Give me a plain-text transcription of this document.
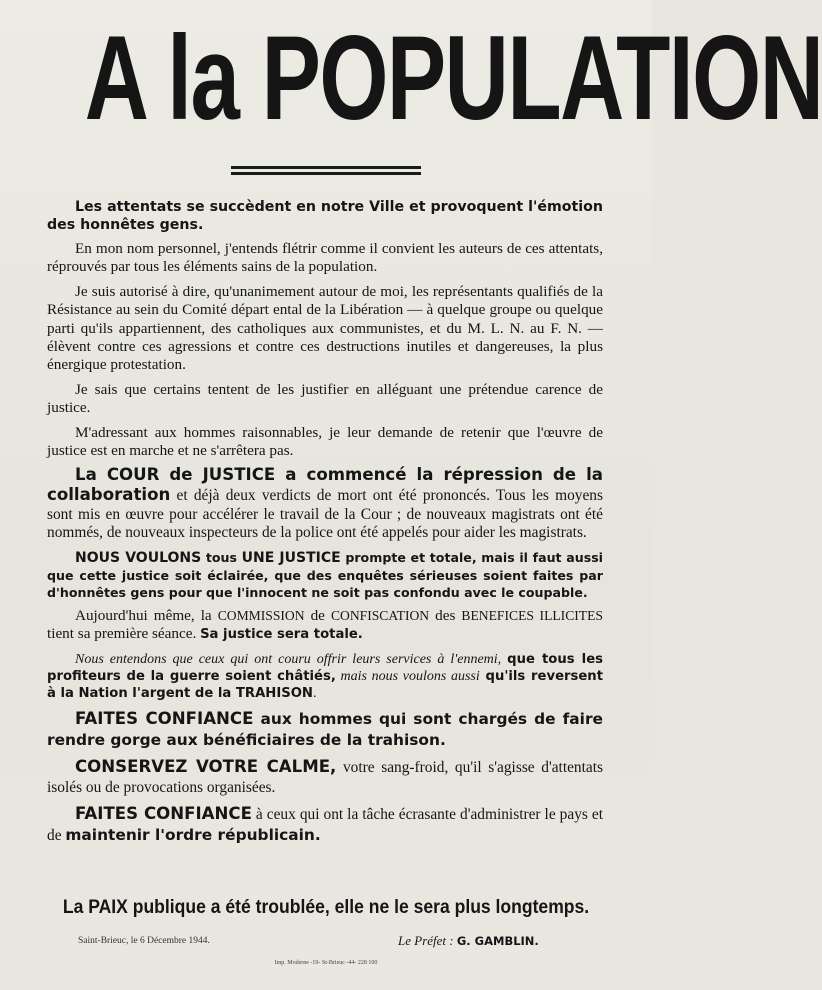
A la POPULATION

Les attentats se succèdent en notre Ville et provoquent l'émotion des honnêtes gens.

En mon nom personnel, j'entends flétrir comme il convient les auteurs de ces attentats, réprouvés par tous les éléments sains de la population.

Je suis autorisé à dire, qu'unanimement autour de moi, les représentants qualifiés de la Résistance au sein du Comité départ ental de la Libération — à quelque groupe ou quelque parti qu'ils appartiennent, des catholiques aux communistes, et du M. L. N. au F. N. — élèvent contre ces agressions et contre ces destructions inutiles et dangereuses, la plus énergique protestation.

Je sais que certains tentent de les justifier en alléguant une prétendue carence de justice.

M'adressant aux hommes raisonnables, je leur demande de retenir que l'œuvre de justice est en marche et ne s'arrêtera pas.

La COUR de JUSTICE a commencé la répression de la collaboration et déjà deux verdicts de mort ont été prononcés. Tous les moyens sont mis en œuvre pour accélérer le travail de la Cour ; de nouveaux magistrats ont été nommés, de nouveaux inspecteurs de la police ont été appelés pour aider les magistrats.

NOUS VOULONS tous UNE JUSTICE prompte et totale, mais il faut aussi que cette justice soit éclairée, que des enquêtes sérieuses soient faites par d'honnêtes gens pour que l'innocent ne soit pas confondu avec le coupable.

Aujourd'hui même, la COMMISSION de CONFISCATION des BENEFICES ILLICITES tient sa première séance. Sa justice sera totale.

Nous entendons que ceux qui ont couru offrir leurs services à l'ennemi, que tous les profiteurs de la guerre soient châtiés, mais nous voulons aussi qu'ils reversent à la Nation l'argent de la TRAHISON.

FAITES CONFIANCE aux hommes qui sont chargés de faire rendre gorge aux bénéficiaires de la trahison.

CONSERVEZ VOTRE CALME, votre sang-froid, qu'il s'agisse d'attentats isolés ou de provocations organisées.

FAITES CONFIANCE à ceux qui ont la tâche écrasante d'administrer le pays et de maintenir l'ordre républicain.

La PAIX publique a été troublée, elle ne le sera plus longtemps.
Saint-Brieuc, le 6 Décembre 1944.	Le Préfet : G. GAMBLIN.
Imp. Moderne -19- St-Brieuc -44- 228 100
